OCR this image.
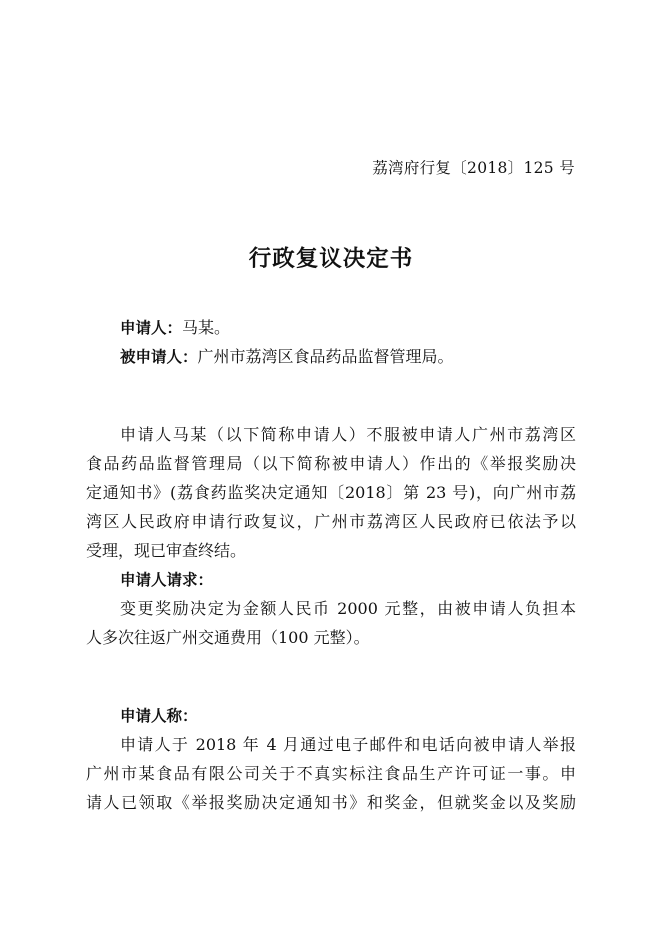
荔湾府行复〔2018〕125 号
行政复议决定书
申请人：马某。
被申请人：广州市荔湾区食品药品监督管理局。
申请人马某（以下简称申请人）不服被申请人广州市荔湾区
食品药品监督管理局（以下简称被申请人）作出的《举报奖励决
定通知书》(荔食药监奖决定通知〔2018〕第 23 号)，向广州市荔
湾区人民政府申请行政复议，广州市荔湾区人民政府已依法予以
受理，现已审查终结。
申请人请求：
变更奖励决定为金额人民币 2000 元整，由被申请人负担本
人多次往返广州交通费用（100 元整）。
申请人称：
申请人于 2018 年 4 月通过电子邮件和电话向被申请人举报
广州市某食品有限公司关于不真实标注食品生产许可证一事。申
请人已领取《举报奖励决定通知书》和奖金，但就奖金以及奖励
